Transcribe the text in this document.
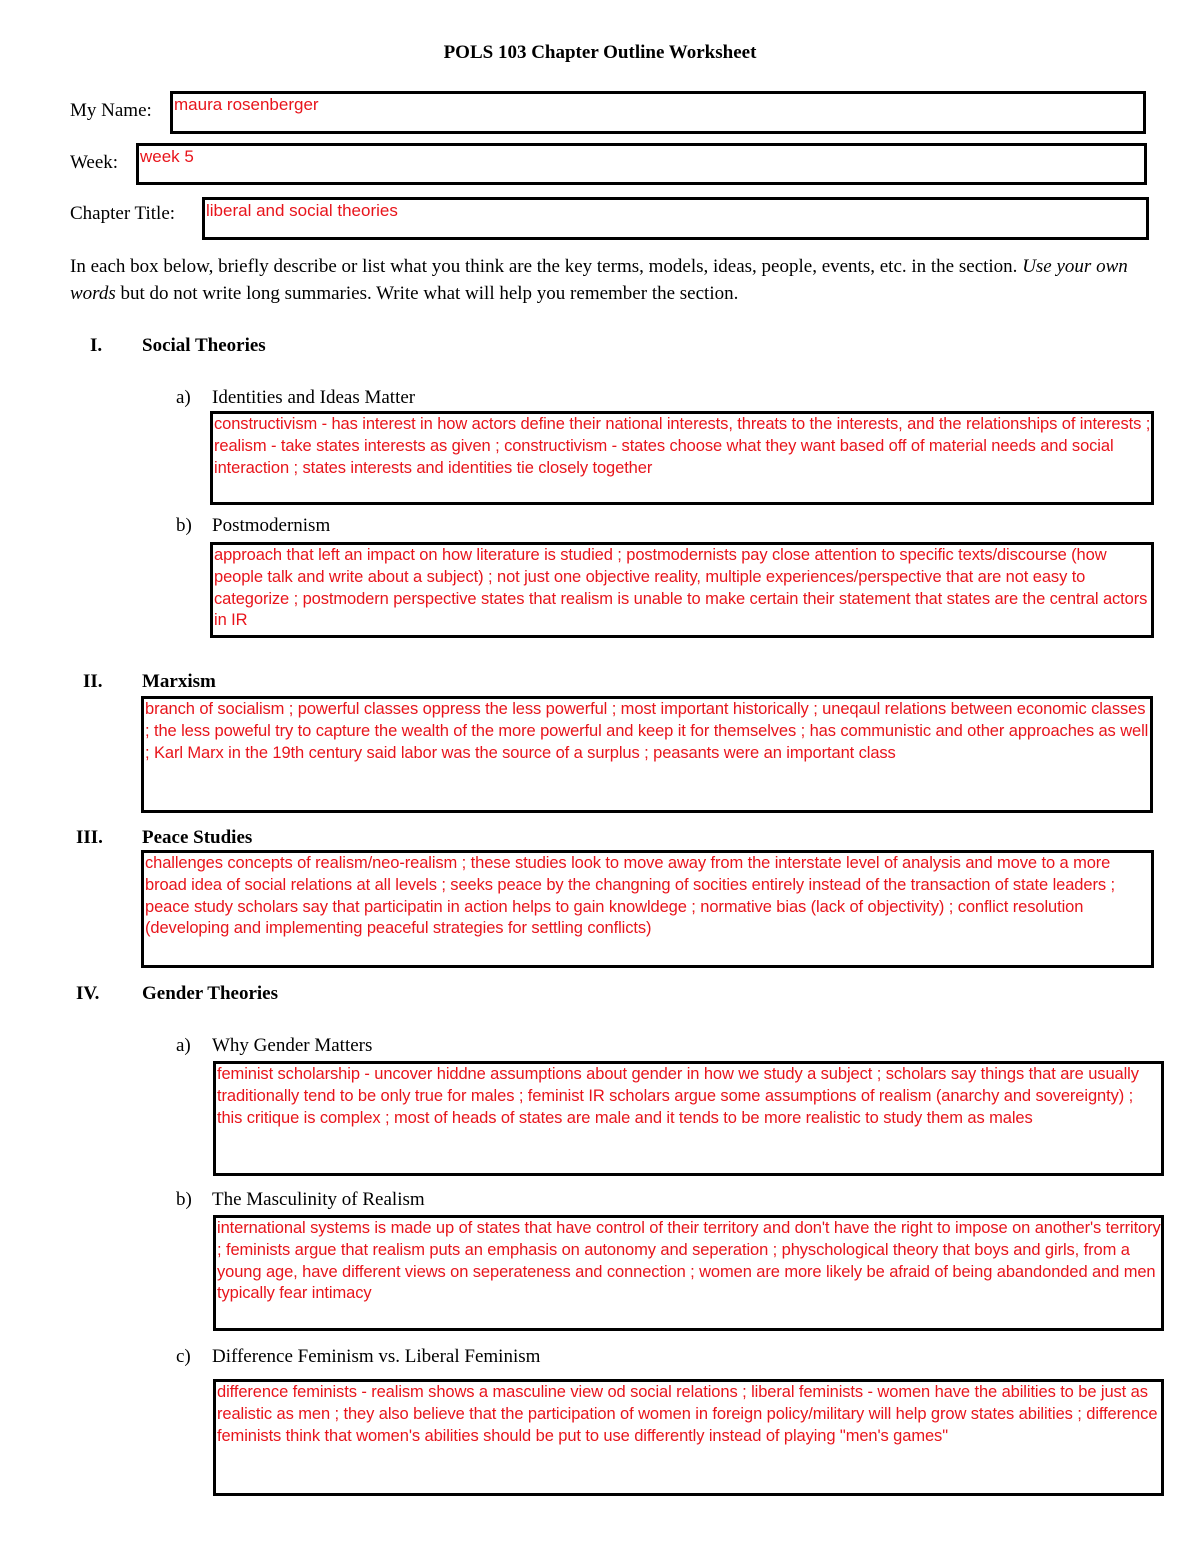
POLS 103 Chapter Outline Worksheet
My Name: maura rosenberger
Week: week 5
Chapter Title: liberal and social theories
In each box below, briefly describe or list what you think are the key terms, models, ideas, people, events, etc. in the section. Use your own words but do not write long summaries. Write what will help you remember the section.
I. Social Theories
a) Identities and Ideas Matter
constructivism - has interest in how actors define their national interests, threats to the interests, and the relationships of interests ; realism - take states interests as given ; constructivism - states choose what they want based off of material needs and social interaction ; states interests and identities tie closely together
b) Postmodernism
approach that left an impact on how literature is studied ; postmodernists pay close attention to specific texts/discourse (how people talk and write about a subject) ; not just one objective reality, multiple experiences/perspective that are not easy to categorize ; postmodern perspective states that realism is unable to make certain their statement that states are the central actors in IR
II. Marxism
branch of socialism ; powerful classes oppress the less powerful ; most important historically ; uneqaul relations between economic classes ; the less poweful try to capture the wealth of the more powerful and keep it for themselves ; has communistic and other approaches as well ; Karl Marx in the 19th century said labor was the source of a surplus ; peasants were an important class
III. Peace Studies
challenges concepts of realism/neo-realism ; these studies look to move away from the interstate level of analysis and move to a more broad idea of social relations at all levels ; seeks peace by the changning of socities entirely instead of the transaction of state leaders ; peace study scholars say that participatin in action helps to gain knowldege ; normative bias (lack of objectivity) ; conflict resolution (developing and implementing peaceful strategies for settling conflicts)
IV. Gender Theories
a) Why Gender Matters
feminist scholarship - uncover hiddne assumptions about gender in how we study a subject ; scholars say things that are usually traditionally tend to be only true for males ; feminist IR scholars argue some assumptions of realism (anarchy and sovereignty) ; this critique is complex ; most of heads of states are male and it tends to be more realistic to study them as males
b) The Masculinity of Realism
international systems is made up of states that have control of their territory and don't have the right to impose on another's territory ; feminists argue that realism puts an emphasis on autonomy and seperation ; physchological theory that boys and girls, from a young age, have different views on seperateness and connection ; women are more likely be afraid of being abandonded and men typically fear intimacy
c) Difference Feminism vs. Liberal Feminism
difference feminists - realism shows a masculine view od social relations ; liberal feminists - women have the abilities to be just as realistic as men ; they also believe that the participation of women in foreign policy/military will help grow states abilities ; difference feminists think that women's abilities should be put to use differently instead of playing "men's games"
